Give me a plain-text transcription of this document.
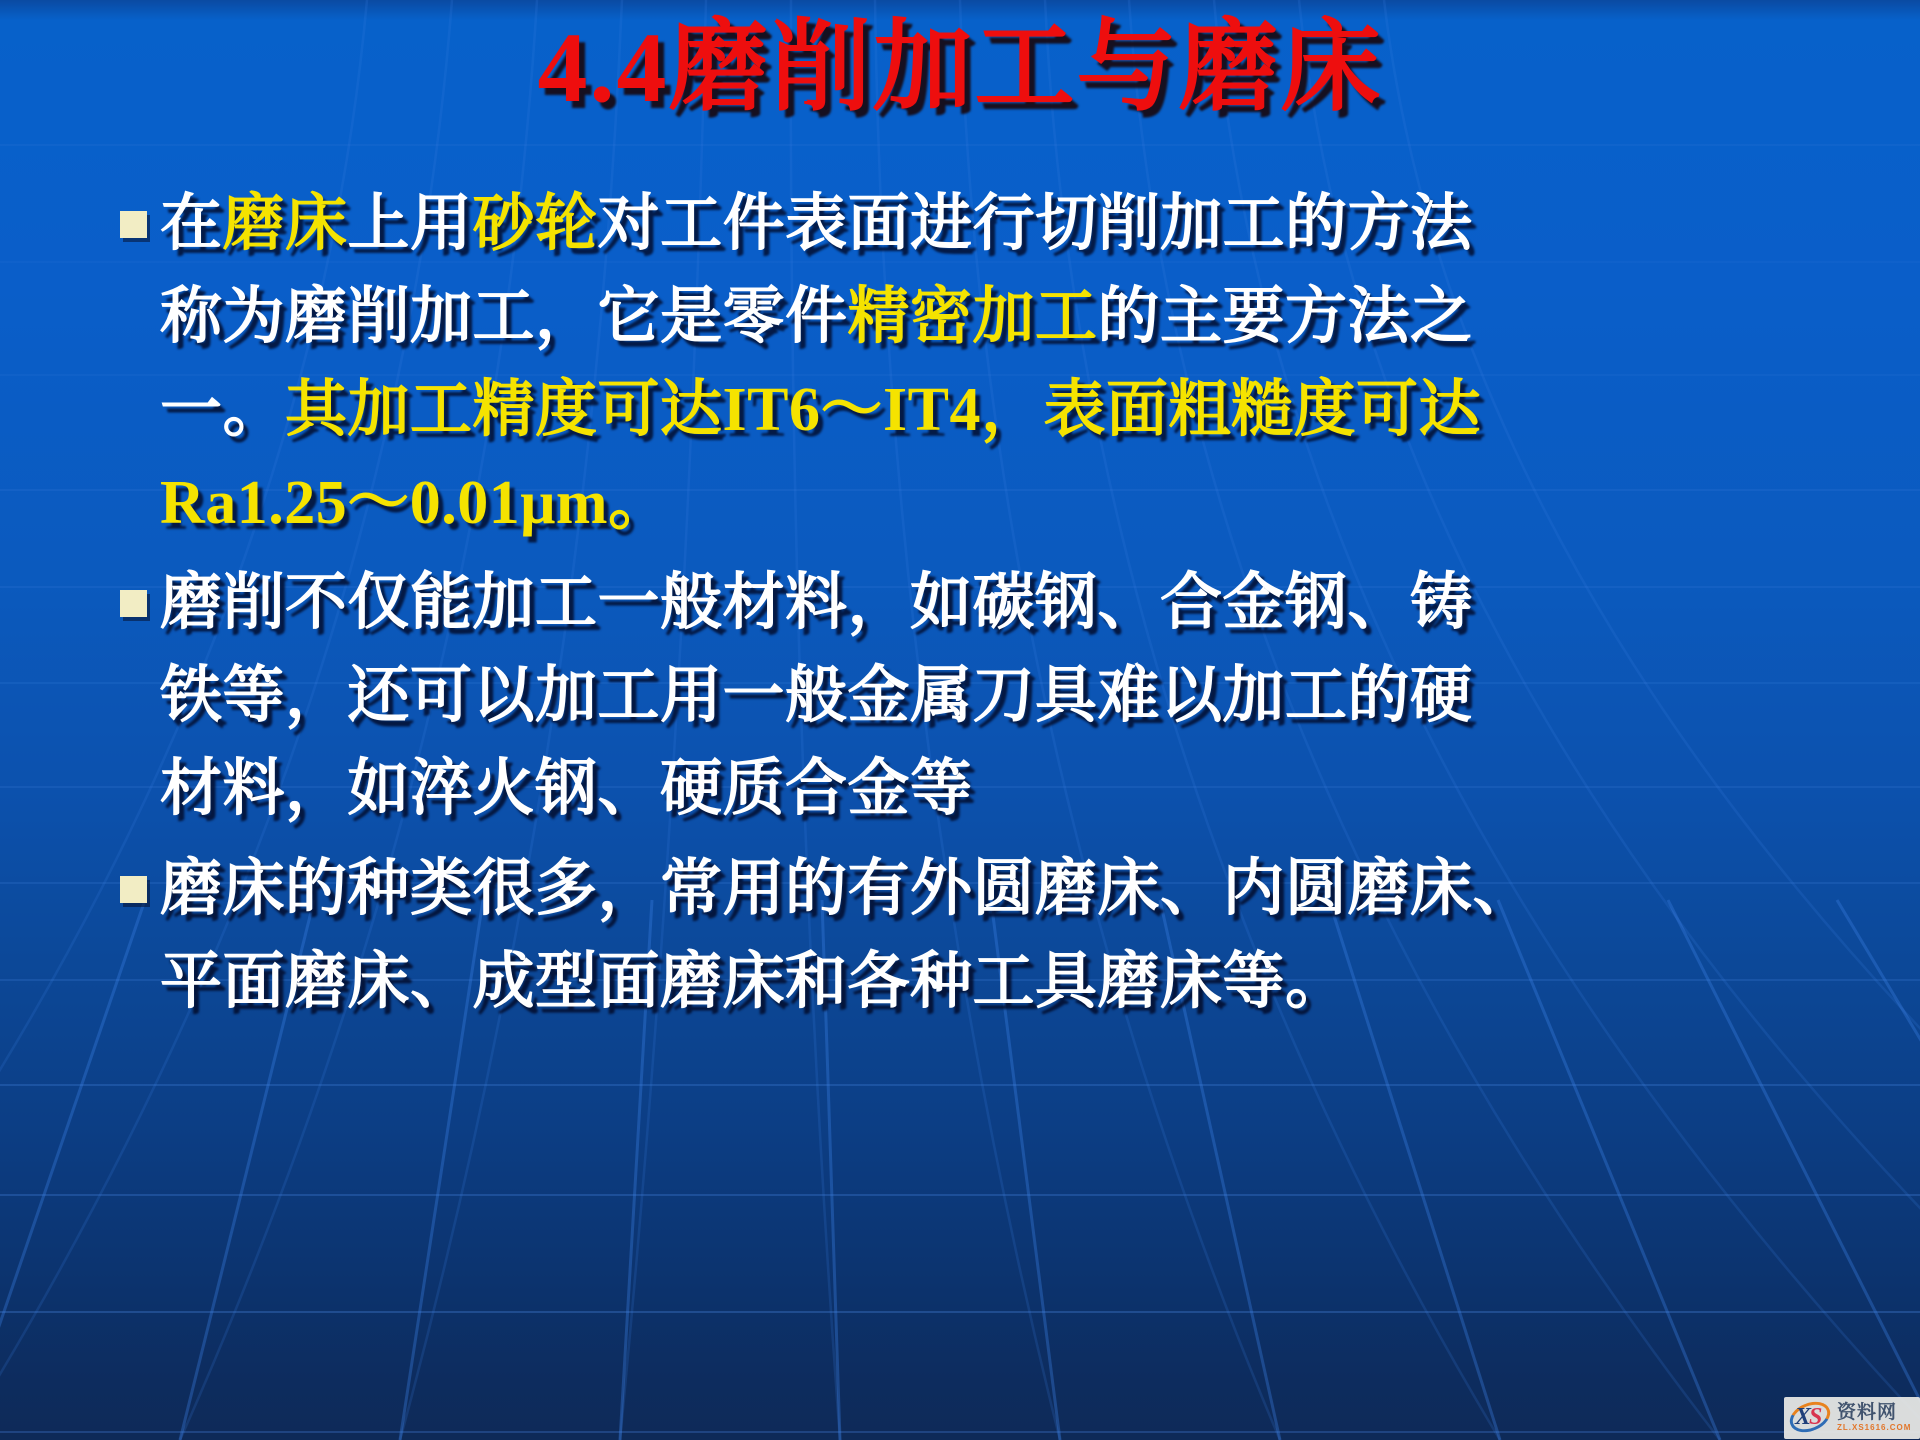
4.4磨削加工与磨床
在磨床上用砂轮对工件表面进行切削加工的方法
称为磨削加工，它是零件精密加工的主要方法之
一。其加工精度可达IT6～IT4，表面粗糙度可达
Ra1.25～0.01μm。
磨削不仅能加工一般材料，如碳钢、合金钢、铸
铁等，还可以加工用一般金属刀具难以加工的硬
材料，如淬火钢、硬质合金等
磨床的种类很多，常用的有外圆磨床、内圆磨床、
平面磨床、成型面磨床和各种工具磨床等。
XS 资料网
ZL.XS1616.COM
